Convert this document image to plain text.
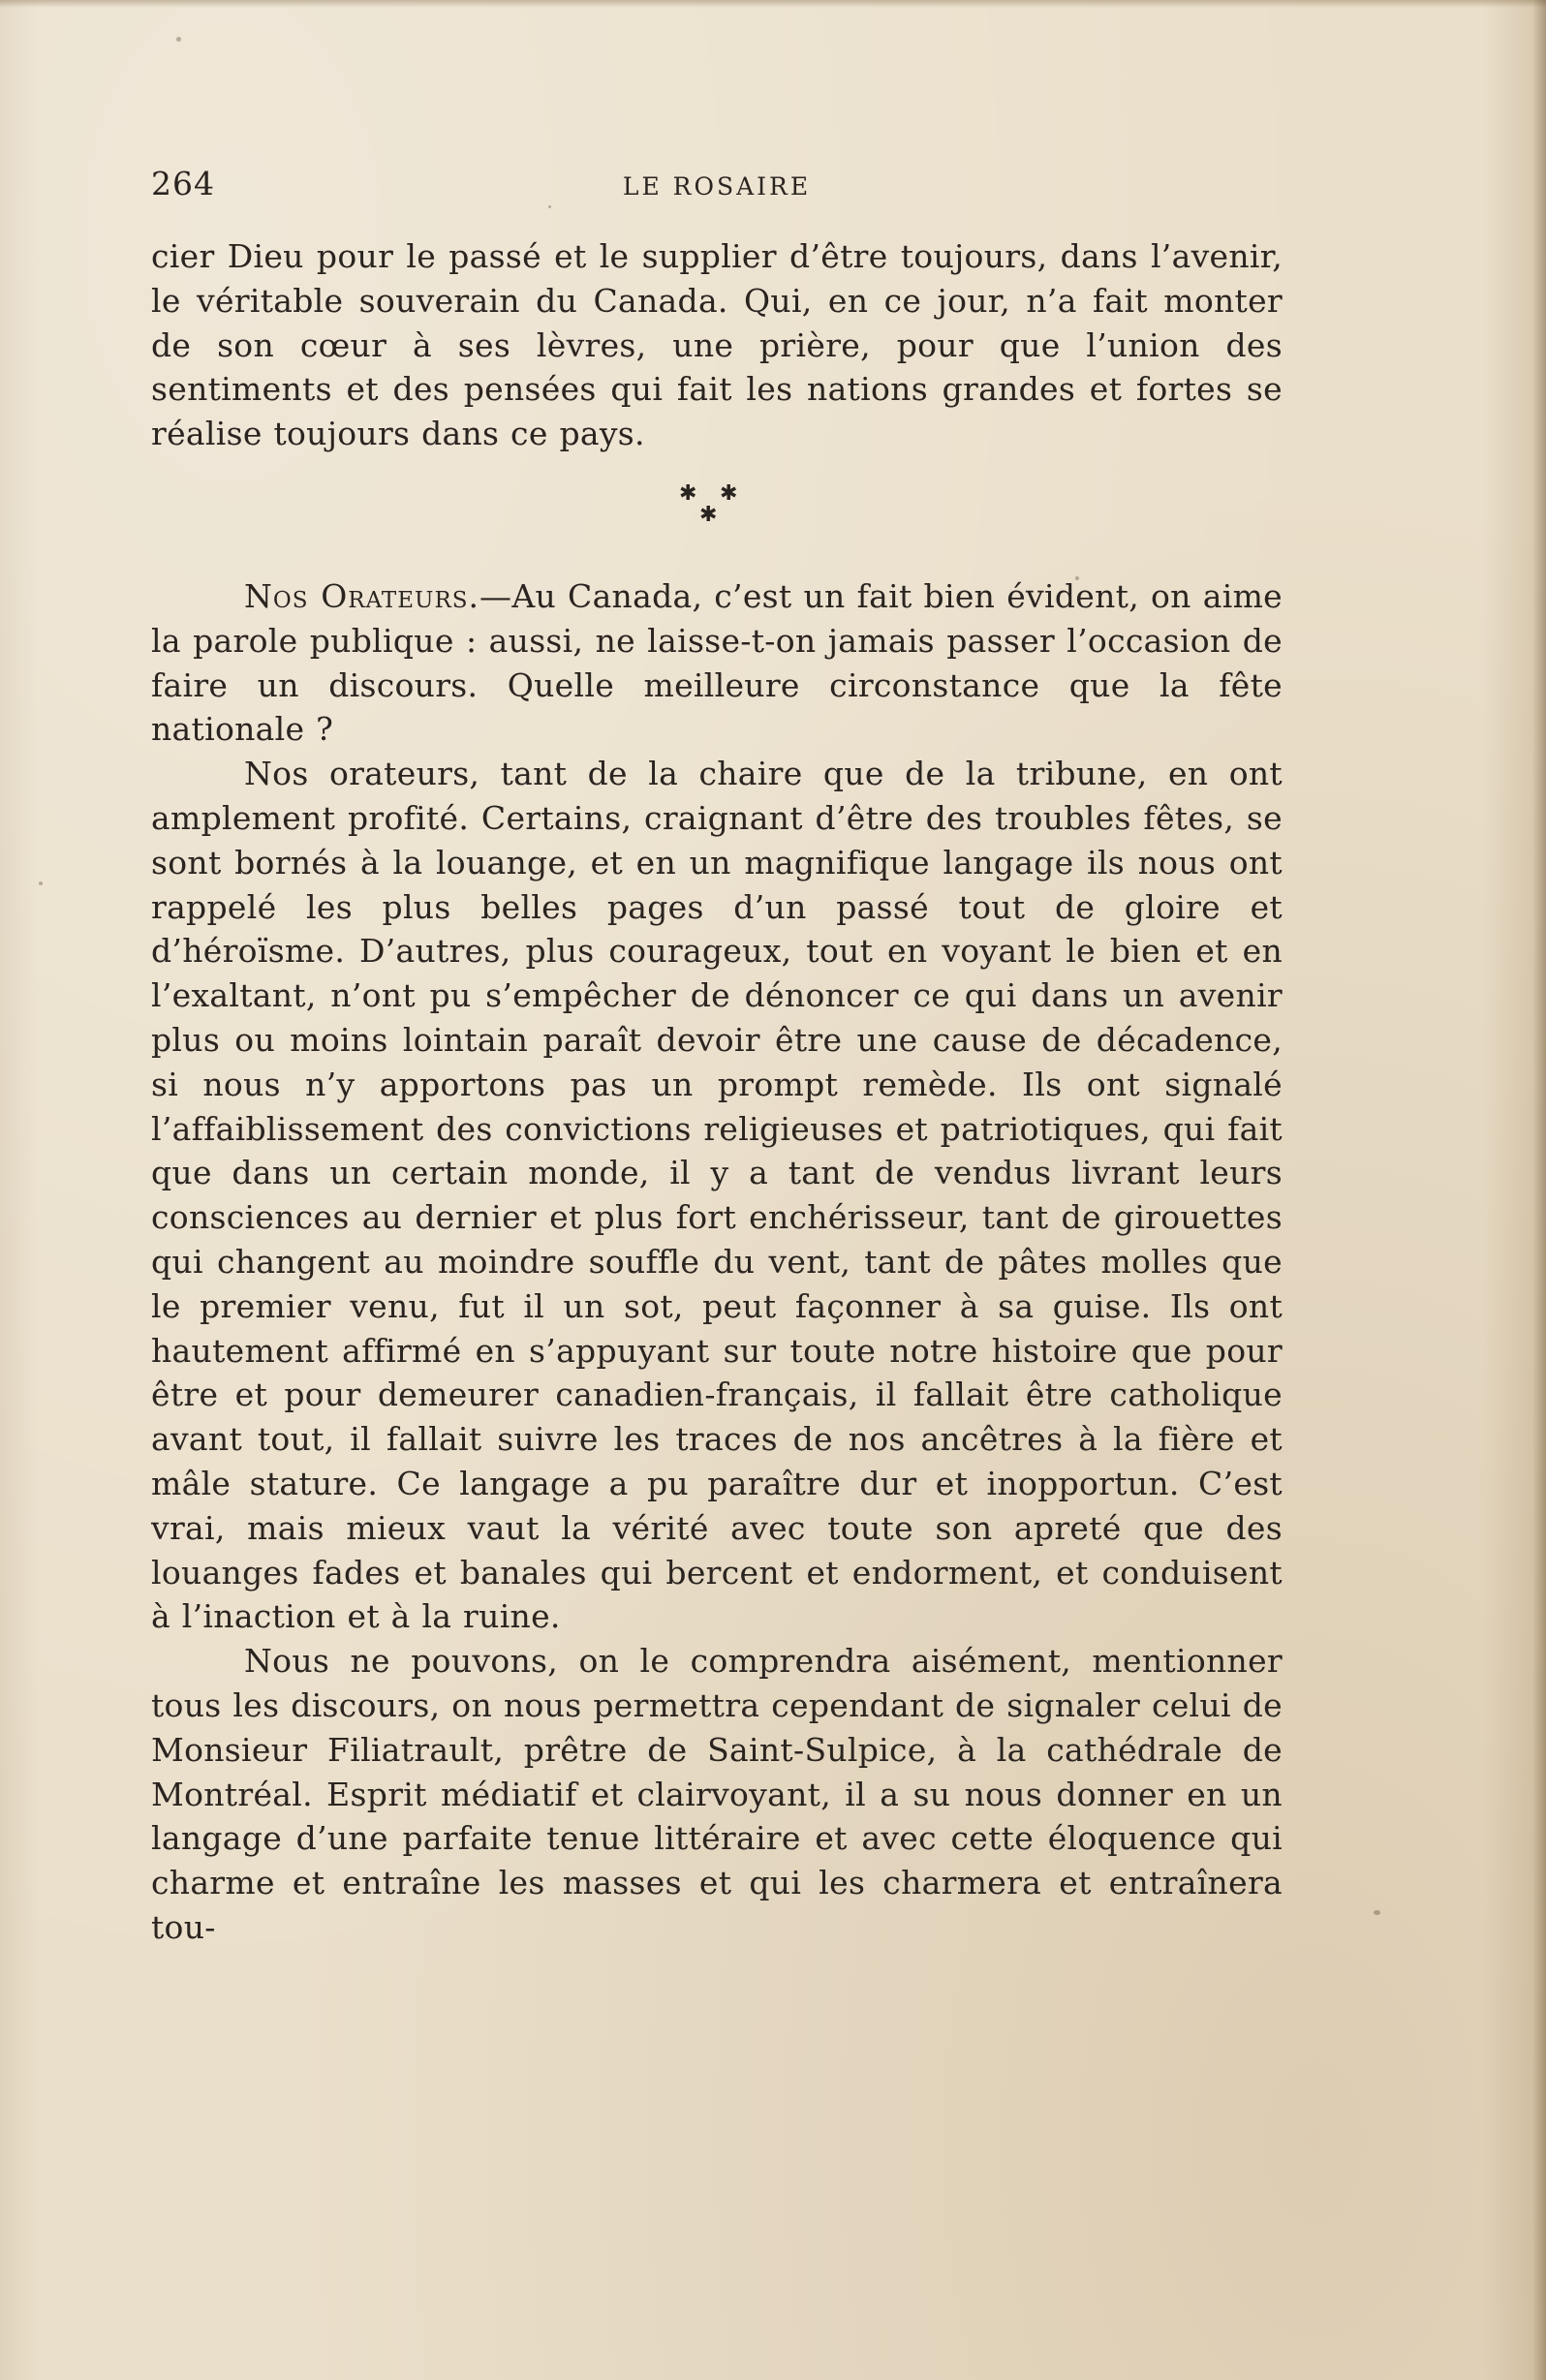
264	LE ROSAIRE

cier Dieu pour le passé et le supplier d’être toujours, dans l’avenir, le véritable souverain du Canada. Qui, en ce jour, n’a fait monter de son cœur à ses lèvres, une prière, pour que l’union des sentiments et des pensées qui fait les nations grandes et fortes se réalise toujours dans ce pays.

✱ ✱
✱

Nos Orateurs.—Au Canada, c’est un fait bien évident, on aime la parole publique : aussi, ne laisse-t-on jamais passer l’occasion de faire un discours. Quelle meilleure circonstance que la fête nationale ?

Nos orateurs, tant de la chaire que de la tribune, en ont amplement profité. Certains, craignant d’être des troubles fêtes, se sont bornés à la louange, et en un magnifique langage ils nous ont rappelé les plus belles pages d’un passé tout de gloire et d’héroïsme. D’autres, plus courageux, tout en voyant le bien et en l’exaltant, n’ont pu s’empêcher de dénoncer ce qui dans un avenir plus ou moins lointain paraît devoir être une cause de décadence, si nous n’y apportons pas un prompt remède. Ils ont signalé l’affaiblissement des convictions religieuses et patriotiques, qui fait que dans un certain monde, il y a tant de vendus livrant leurs consciences au dernier et plus fort enchérisseur, tant de girouettes qui changent au moindre souffle du vent, tant de pâtes molles que le premier venu, fut il un sot, peut façonner à sa guise. Ils ont hautement affirmé en s’appuyant sur toute notre histoire que pour être et pour demeurer canadien-français, il fallait être catholique avant tout, il fallait suivre les traces de nos ancêtres à la fière et mâle stature. Ce langage a pu paraître dur et inopportun. C’est vrai, mais mieux vaut la vérité avec toute son apreté que des louanges fades et banales qui bercent et endorment, et conduisent à l’inaction et à la ruine.

Nous ne pouvons, on le comprendra aisément, mentionner tous les discours, on nous permettra cependant de signaler celui de Monsieur Filiatrault, prêtre de Saint-Sulpice, à la cathédrale de Montréal. Esprit médiatif et clairvoyant, il a su nous donner en un langage d’une parfaite tenue littéraire et avec cette éloquence qui charme et entraîne les masses et qui les charmera et entraînera tou-
